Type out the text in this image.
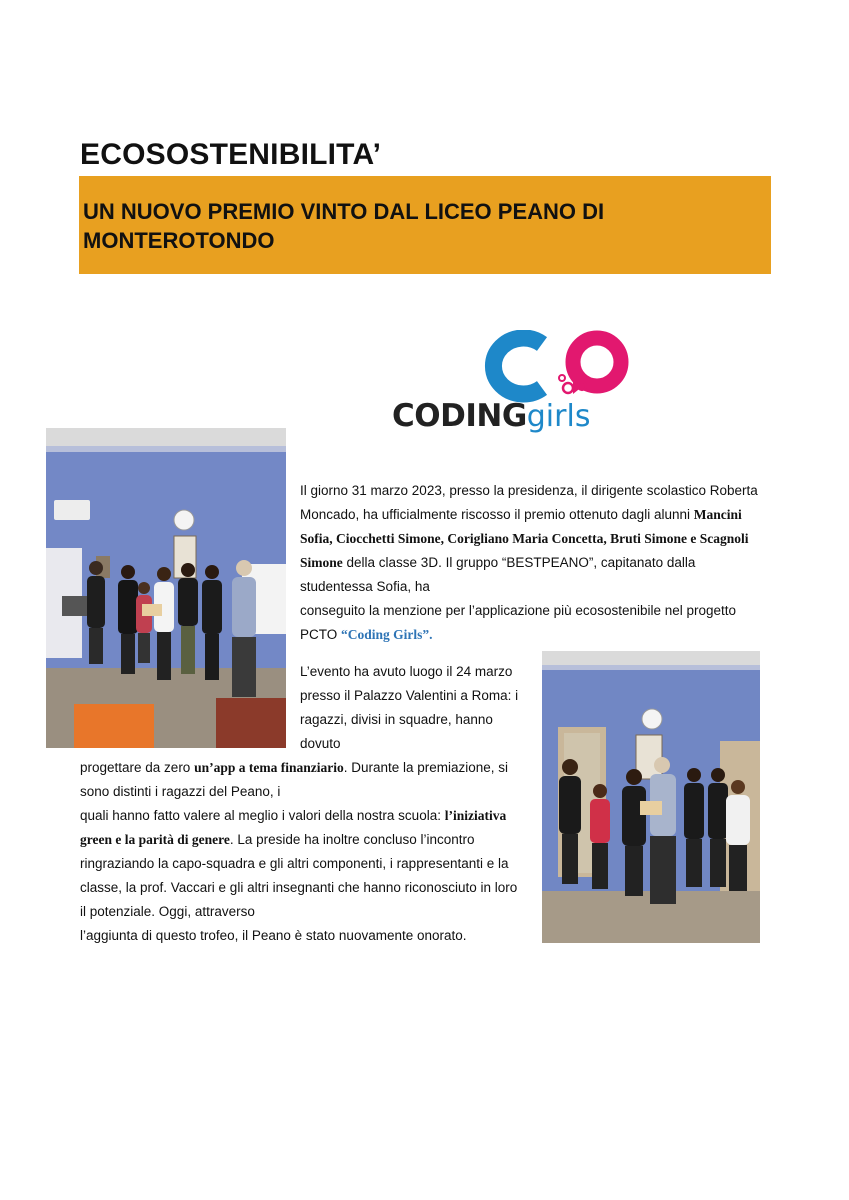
ECOSOSTENIBILITA’
UN NUOVO PREMIO VINTO DAL LICEO PEANO DI
MONTEROTONDO
CODINGgirls
Il giorno 31 marzo 2023, presso la presidenza, il dirigente scolastico Roberta
Moncado, ha ufficialmente riscosso il premio ottenuto dagli alunni Mancini
Sofia, Ciocchetti Simone, Corigliano Maria Concetta, Bruti Simone e Scagnoli
Simone della classe 3D. Il gruppo “BESTPEANO”, capitanato dalla
studentessa Sofia, ha
conseguito la menzione per l’applicazione più ecosostenibile nel progetto
PCTO “Coding Girls”.
L’evento ha avuto luogo il 24 marzo
presso il Palazzo Valentini a Roma: i
ragazzi, divisi in squadre, hanno
dovuto
progettare da zero un’app a tema finanziario. Durante la premiazione, si
sono distinti i ragazzi del Peano, i
quali hanno fatto valere al meglio i valori della nostra scuola: l’iniziativa
green e la parità di genere. La preside ha inoltre concluso l’incontro
ringraziando la capo-squadra e gli altri componenti, i rappresentanti e la
classe, la prof. Vaccari e gli altri insegnanti che hanno riconosciuto in loro
il potenziale. Oggi, attraverso
l’aggiunta di questo trofeo, il Peano è stato nuovamente onorato.
